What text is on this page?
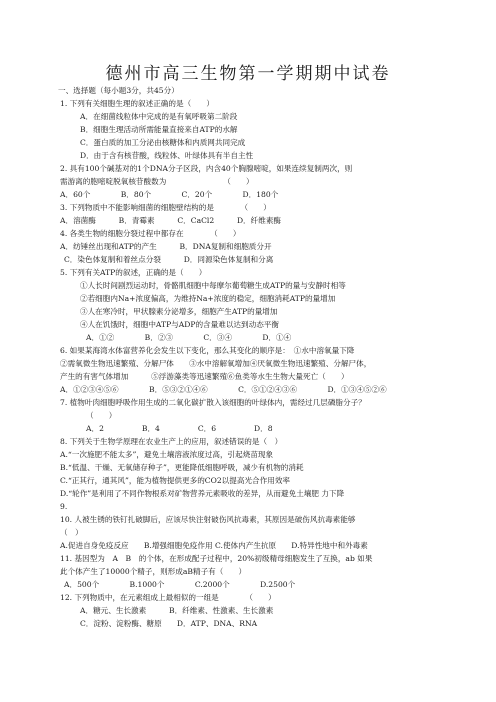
德州市高三生物第一学期期中试卷
一、选择题（每小题3分，共45分）
1. 下列有关细胞生理的叙述正确的是（　　）
A．在细菌线粒体中完成的是有氧呼吸第二阶段
B．细胞生理活动所需能量直接来自ATP的水解
C．蛋白质的加工分泌由核糖体和内质网共同完成
D．由于含有核苷酸，线粒体、叶绿体具有半自主性
2. 具有100个碱基对的1个DNA分子区段，内含40个胸腺嘧啶，如果连续复制两次，则
需游离的胞嘧啶脱氧核苷酸数为　　　　　　　　（　　）
A．60个　　　　B．80个　　　　C．20个　　　　D．180个
3. 下列物质中不能影响细菌的细胞壁结构的是　　　　（　　）
A．溶菌酶　　　B．青霉素　　　C．CaCl2　　　D．纤维素酶
4. 各类生物的细胞分裂过程中都存在　　　　（　　）
A．纺锤丝出现和ATP的产生　　　B．DNA复制和细胞质分开
C．染色体复制和着丝点分裂　　　D．同源染色体复制和分离
5. 下列有关ATP的叙述，正确的是（　　）
①人长时间剧烈运动时，骨骼肌细胞中每摩尔葡萄糖生成ATP的量与安静时相等
②若细胞内Na+浓度偏高，为维持Na+浓度的稳定，细胞消耗ATP的量增加
③人在寒冷时，甲状腺素分泌增多，细胞产生ATP的量增加
④人在饥饿时，细胞中ATP与ADP的含量难以达到动态平衡
A．①②　　　　B．②③　　　　C．③④　　　　D．①④
6. 如果某海湾水体富营养化会发生以下变化，那么其变化的顺序是：　①水中溶氧量下降
②需氧微生物迅速繁殖、分解尸体　　③水中溶解氧增加④厌氧微生物迅速繁殖、分解尸体，
产生的有害气体增加　　　⑤浮游藻类等迅速繁殖⑥鱼类等水生生物大量死亡（　　）
A．①②③④⑤⑥　　　　B．⑤③②①④⑥　　　　C．⑤①②④③⑥　　　　D．①③④⑤②⑥
7. 植物叶肉细胞呼吸作用生成的二氧化碳扩散入该细胞的叶绿体内，需经过几层磷脂分子？
（　　）
A．2　　　　　B．4　　　　　C．6　　　　　D．8
8. 下列关于生物学原理在农业生产上的应用，叙述错误的是（　）
A.“一次施肥不能太多”，避免土壤溶液浓度过高，引起烧苗现象
B.“低温、干燥、无氧储存种子”，更能降低细胞呼吸，减少有机物的消耗
C.“正其行，通其风”，能为植物提供更多的CO2以提高光合作用效率
D.“轮作”是利用了不同作物根系对矿物营养元素吸收的差异，从而避免土壤肥 力下降
9.
10. 人被生锈的铁钉扎破脚后，应该尽快注射破伤风抗毒素，其原因是破伤风抗毒素能够
（　）
A.促进自身免疫反应　　B.增强细胞免疫作用 C.使体内产生抗原　　D.特异性地中和外毒素
11. 基因型为　A　B　的个体，在形成配子过程中，20%初级精母细胞发生了互换，ab 如果
此个体产生了10000个精子，则形成aB精子有（　　）
A．500个　　　　B.1000个　　　　C.2000个　　　　D.2500个
12. 下列物质中，在元素组成上最相似的一组是　　　　（　　）
A．糖元、生长激素　　　B．纤维素、性激素、生长激素
C．淀粉、淀粉酶、糖原　　D．ATP、DNA、RNA
